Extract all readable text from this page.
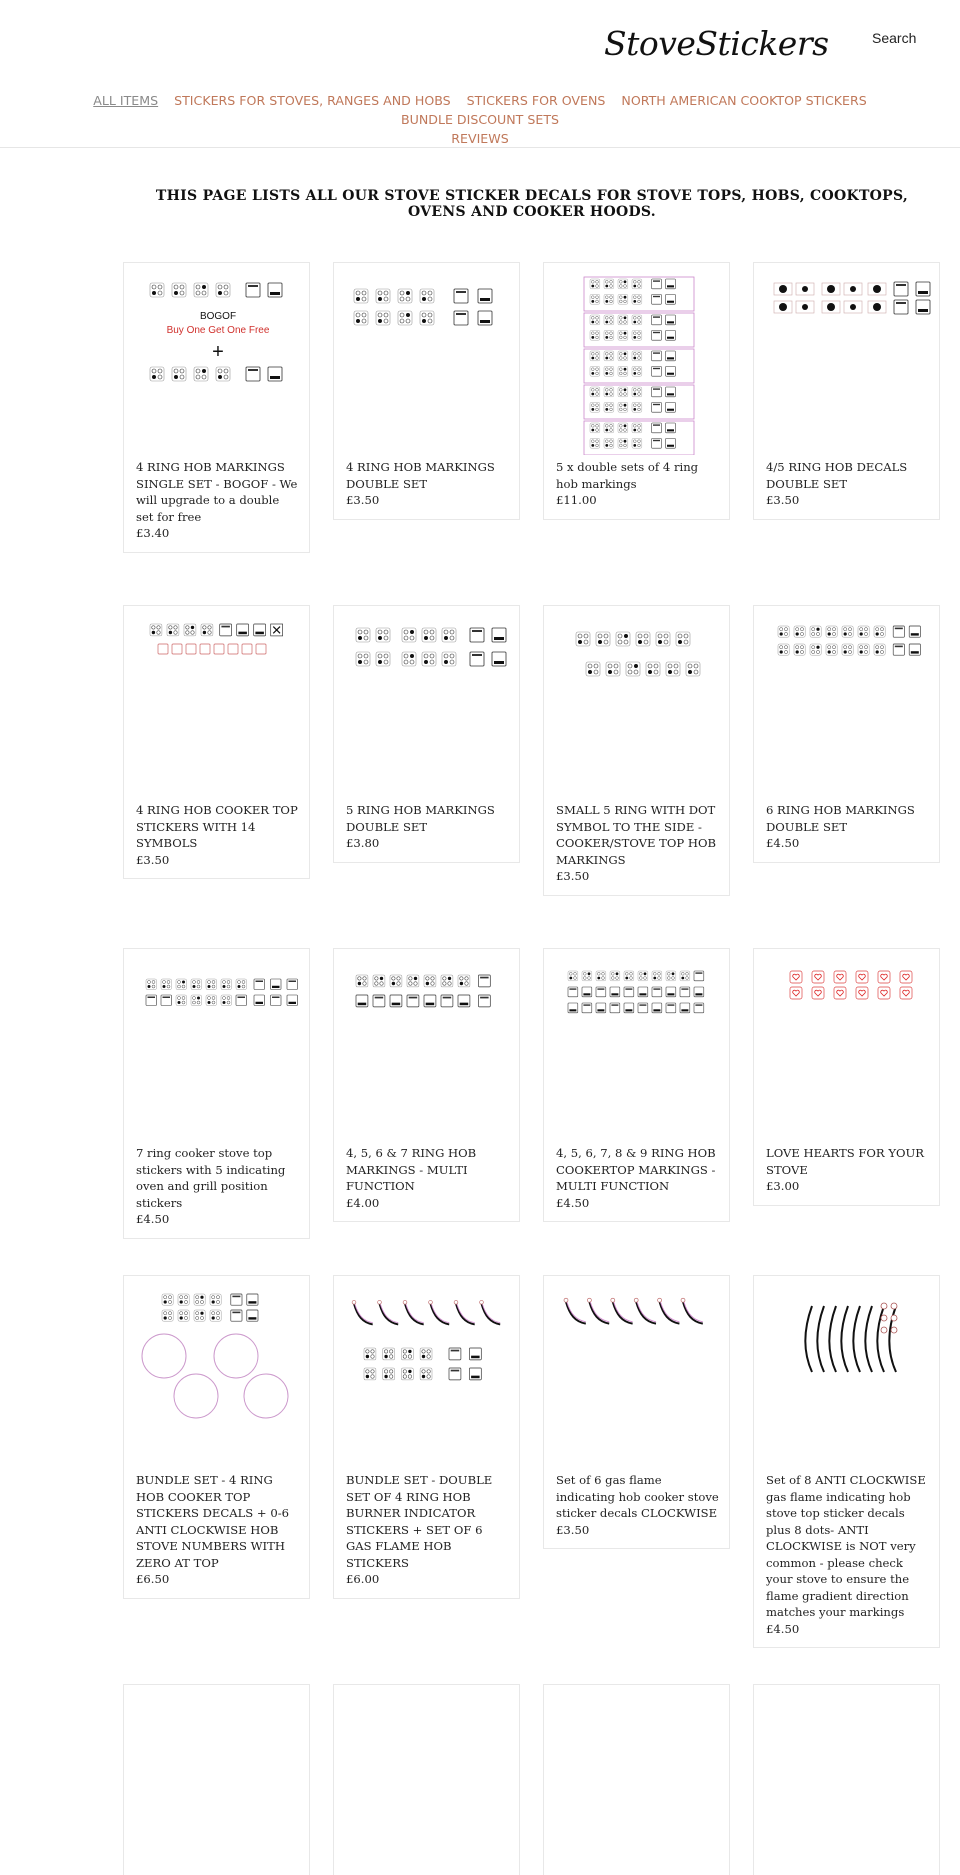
StoveStickers	Search
ALL ITEMS STICKERS FOR STOVES, RANGES AND HOBS STICKERS FOR OVENS NORTH AMERICAN COOKTOP STICKERSBUNDLE DISCOUNT SETS
REVIEWS
THIS PAGE LISTS ALL OUR STOVE STICKER DECALS FOR STOVE TOPS, HOBS, COOKTOPS, OVENS AND COOKER HOODS.
BOGOF
Buy One Get One Free
+
4 RING HOB MARKINGS SINGLE SET - BOGOF - We will upgrade to a double set for free
£3.40
4 RING HOB MARKINGS DOUBLE SET
£3.50
5 x double sets of 4 ring hob markings
£11.00
4/5 RING HOB DECALS DOUBLE SET
£3.50
4 RING HOB COOKER TOP STICKERS WITH 14 SYMBOLS
£3.50
5 RING HOB MARKINGS DOUBLE SET
£3.80
SMALL 5 RING WITH DOT SYMBOL TO THE SIDE - COOKER/STOVE TOP HOB MARKINGS
£3.50
6 RING HOB MARKINGS DOUBLE SET
£4.50
7 ring cooker stove top stickers with 5 indicating oven and grill position stickers
£4.50
4, 5, 6 & 7 RING HOB MARKINGS - MULTI FUNCTION
£4.00
4, 5, 6, 7, 8 & 9 RING HOB COOKERTOP MARKINGS - MULTI FUNCTION
£4.50
LOVE HEARTS FOR YOUR STOVE
£3.00
BUNDLE SET - 4 RING HOB COOKER TOP STICKERS DECALS + 0-6 ANTI CLOCKWISE HOB STOVE NUMBERS WITH ZERO AT TOP
£6.50
BUNDLE SET - DOUBLE SET OF 4 RING HOB BURNER INDICATOR STICKERS + SET OF 6 GAS FLAME HOB STICKERS
£6.00
Set of 6 gas flame indicating hob cooker stove sticker decals CLOCKWISE
£3.50
Set of 8 ANTI CLOCKWISE gas flame indicating hob stove top sticker decals plus 8 dots- ANTI CLOCKWISE is NOT very common - please check your stove to ensure the flame gradient direction matches your markings
£4.50
